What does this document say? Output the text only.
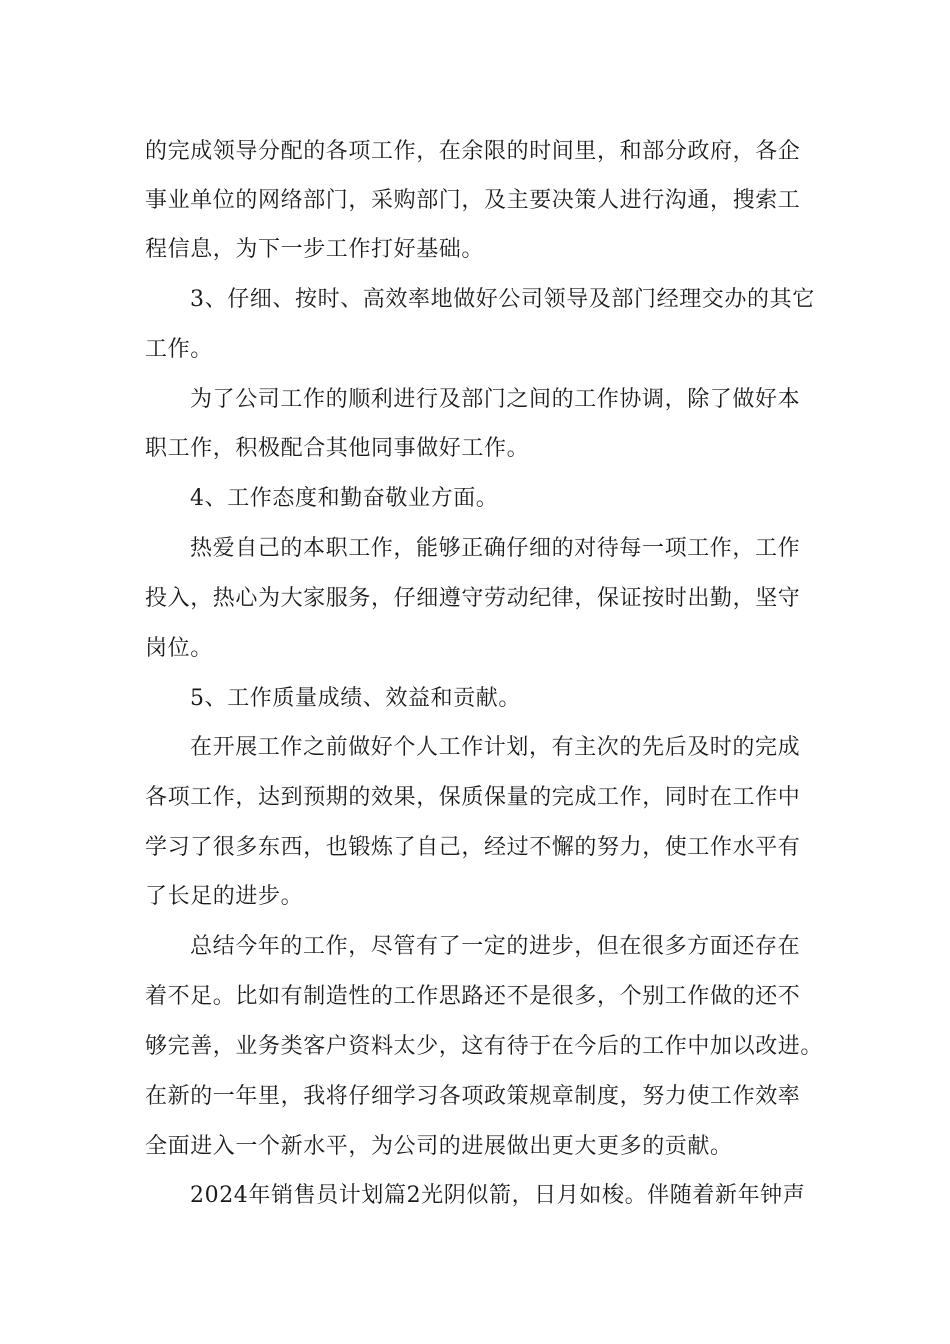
的完成领导分配的各项工作，在余限的时间里，和部分政府，各企
事业单位的网络部门，采购部门，及主要决策人进行沟通，搜索工
程信息，为下一步工作打好基础。
3、仔细、按时、高效率地做好公司领导及部门经理交办的其它
工作。
为了公司工作的顺利进行及部门之间的工作协调，除了做好本
职工作，积极配合其他同事做好工作。
4、工作态度和勤奋敬业方面。
热爱自己的本职工作，能够正确仔细的对待每一项工作，工作
投入，热心为大家服务，仔细遵守劳动纪律，保证按时出勤，坚守
岗位。
5、工作质量成绩、效益和贡献。
在开展工作之前做好个人工作计划，有主次的先后及时的完成
各项工作，达到预期的效果，保质保量的完成工作，同时在工作中
学习了很多东西，也锻炼了自己，经过不懈的努力，使工作水平有
了长足的进步。
总结今年的工作，尽管有了一定的进步，但在很多方面还存在
着不足。比如有制造性的工作思路还不是很多，个别工作做的还不
够完善，业务类客户资料太少，这有待于在今后的工作中加以改进。
在新的一年里，我将仔细学习各项政策规章制度，努力使工作效率
全面进入一个新水平，为公司的进展做出更大更多的贡献。
2024年销售员计划篇2光阴似箭，日月如梭。伴随着新年钟声
